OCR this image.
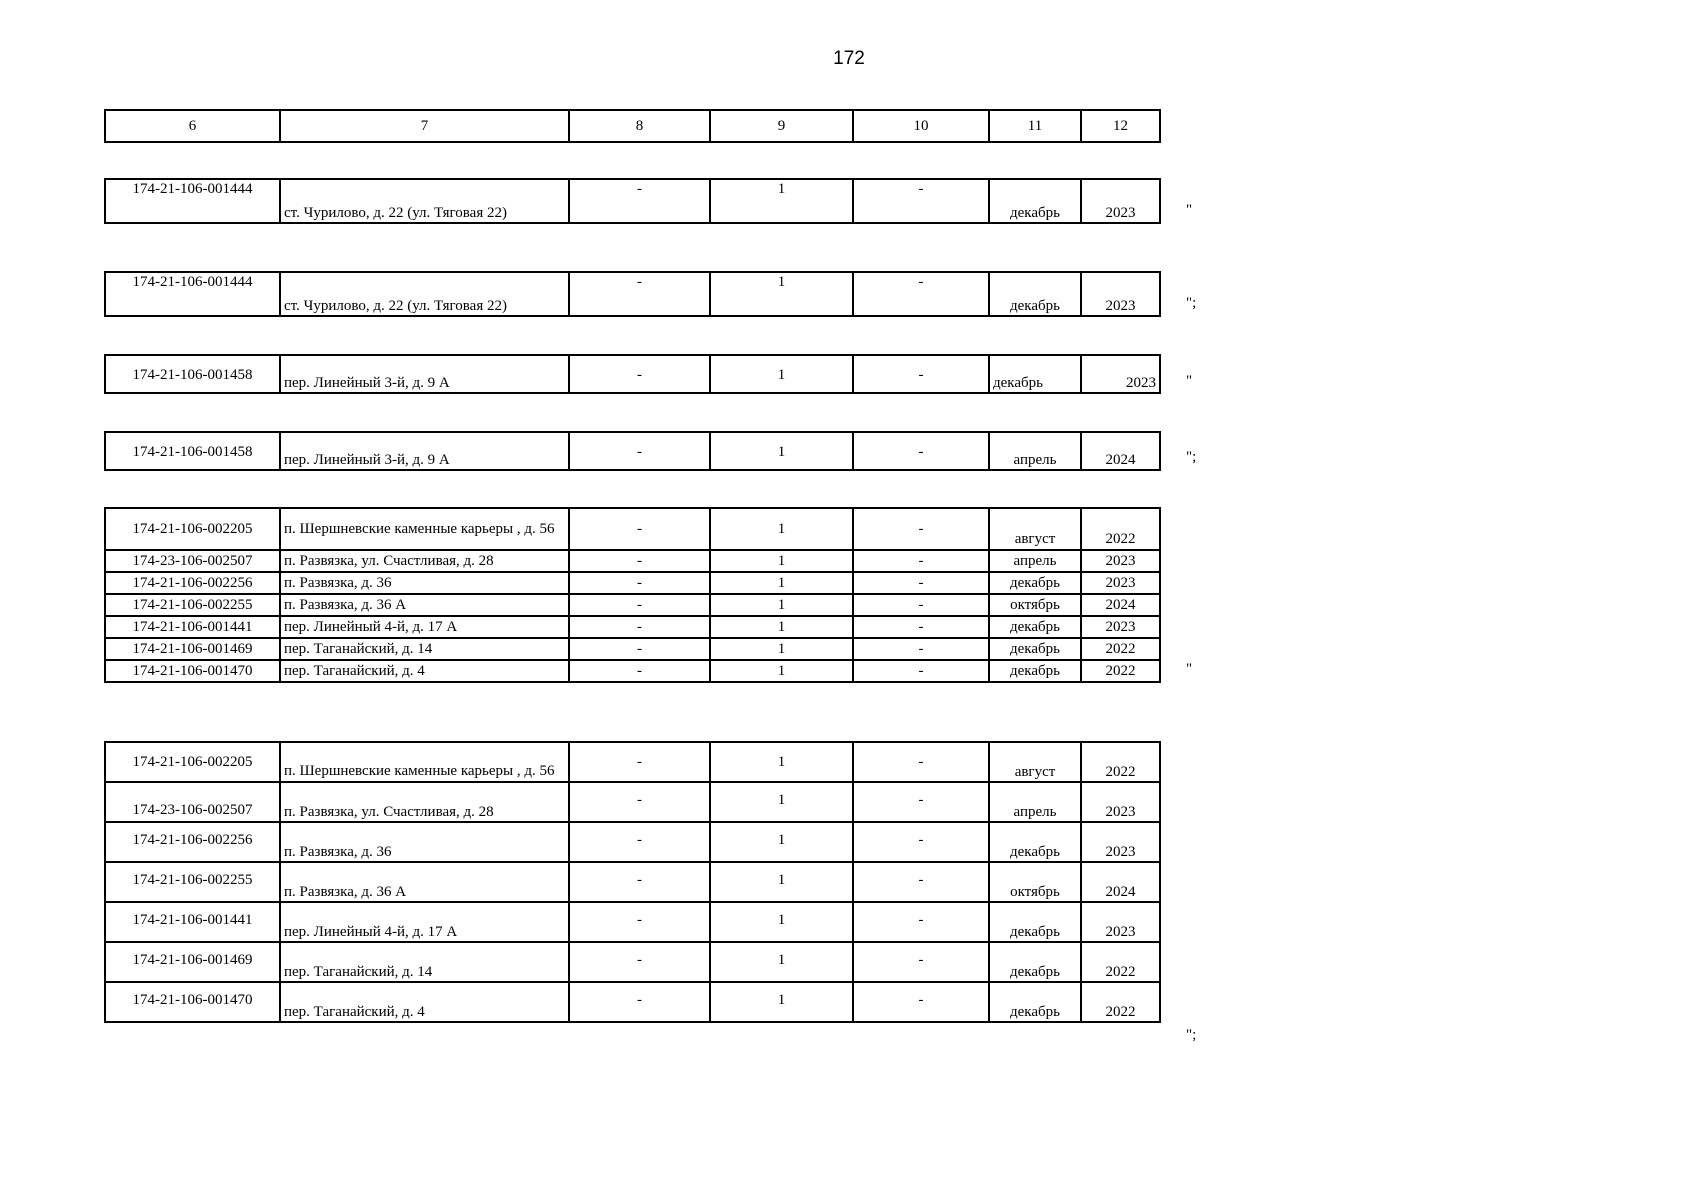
172
6	7	8	9	10	11	12
174-21-106-001444	ст. Чурилово, д. 22 (ул. Тяговая 22)	-	1	-	декабрь	2023	"
174-21-106-001444	ст. Чурилово, д. 22 (ул. Тяговая 22)	-	1	-	декабрь	2023	";
174-21-106-001458	пер. Линейный 3-й, д. 9 А	-	1	-	декабрь	2023 "
174-21-106-001458	пер. Линейный 3-й, д. 9 А	-	1	-	апрель	2024	";
174-21-106-002205	п. Шершневские каменные карьеры , д. 56	-	1	-	август	2022
174-23-106-002507	п. Развязка, ул. Счастливая, д. 28	-	1	-	апрель	2023
174-21-106-002256	п. Развязка, д. 36	-	1	-	декабрь	2023
174-21-106-002255	п. Развязка, д. 36 А	-	1	-	октябрь	2024
174-21-106-001441	пер. Линейный 4-й, д. 17 А	-	1	-	декабрь	2023
174-21-106-001469	пер. Таганайский, д. 14	-	1	-	декабрь	2022
174-21-106-001470	пер. Таганайский, д. 4	-	1	-	декабрь	2022	"
174-21-106-002205	п. Шершневские каменные карьеры , д. 56	-	1	-	август	2022
174-23-106-002507	п. Развязка, ул. Счастливая, д. 28	-	1	-	апрель	2023
174-21-106-002256	п. Развязка, д. 36	-	1	-	декабрь	2023
174-21-106-002255	п. Развязка, д. 36 А	-	1	-	октябрь	2024
174-21-106-001441	пер. Линейный 4-й, д. 17 А	-	1	-	декабрь	2023
174-21-106-001469	пер. Таганайский, д. 14	-	1	-	декабрь	2022
174-21-106-001470	пер. Таганайский, д. 4	-	1	-	декабрь	2022
";
